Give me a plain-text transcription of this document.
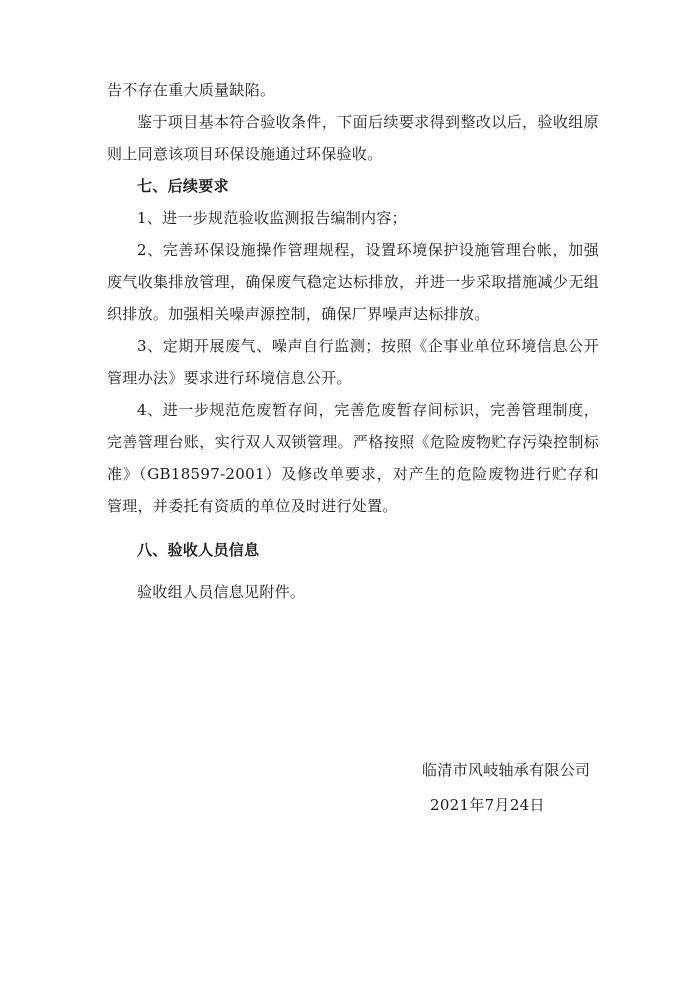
告不存在重大质量缺陷。

鉴于项目基本符合验收条件，下面后续要求得到整改以后，验收组原则上同意该项目环保设施通过环保验收。

七、后续要求

1、进一步规范验收监测报告编制内容；

2、完善环保设施操作管理规程，设置环境保护设施管理台帐，加强废气收集排放管理，确保废气稳定达标排放，并进一步采取措施减少无组织排放。加强相关噪声源控制，确保厂界噪声达标排放。

3、定期开展废气、噪声自行监测；按照《企事业单位环境信息公开管理办法》要求进行环境信息公开。

4、进一步规范危废暂存间，完善危废暂存间标识，完善管理制度，完善管理台账，实行双人双锁管理。严格按照《危险废物贮存污染控制标准》（GB18597-2001）及修改单要求，对产生的危险废物进行贮存和管理，并委托有资质的单位及时进行处置。

八、验收人员信息

验收组人员信息见附件。

临清市风岐轴承有限公司
2021年7月24日
